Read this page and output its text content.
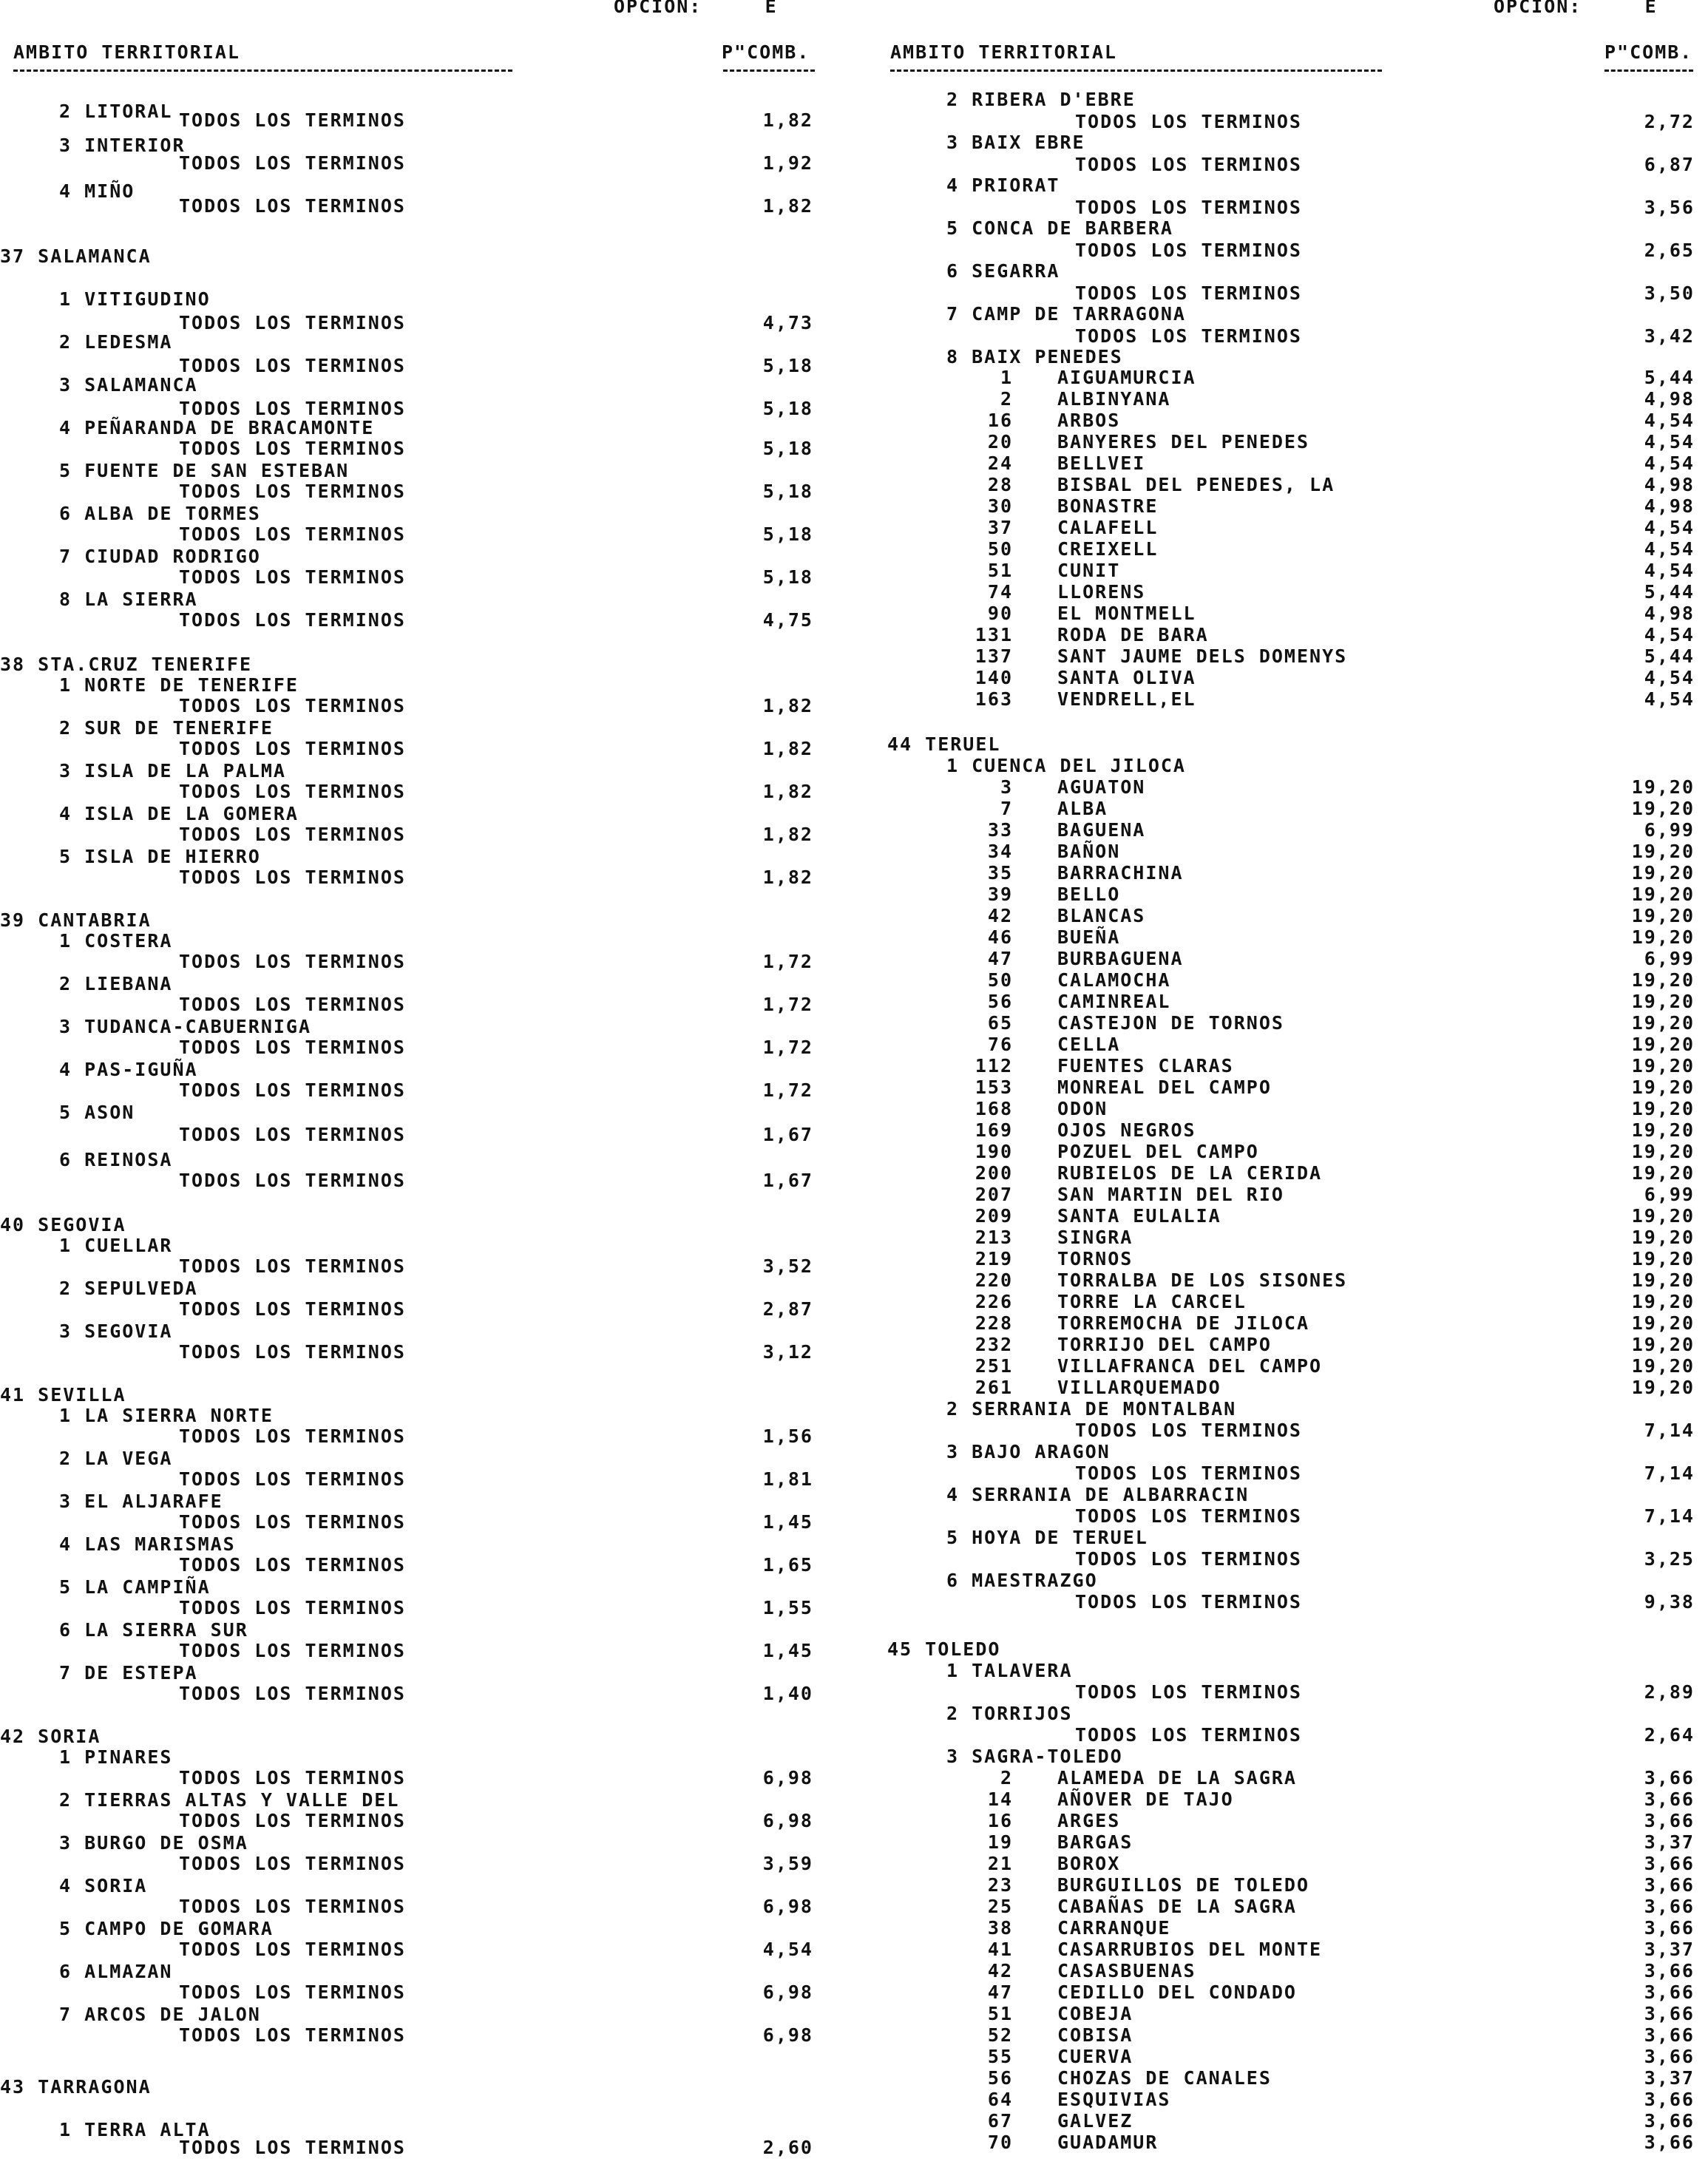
OPCION:	E
AMBITO TERRITORIAL	P"COMB.
2 LITORAL TODOS LOS TERMINOS	1,82
3 INTERIOR
TODOS LOS TERMINOS	1,92
4 MIÑO
TODOS LOS TERMINOS	1,82
37 SALAMANCA
1 VITIGUDINO
TODOS LOS TERMINOS	4,73
2 LEDESMA
TODOS LOS TERMINOS	5,18
3 SALAMANCA
TODOS LOS TERMINOS	5,18
4 PEÑARANDA DE BRACAMONTE
TODOS LOS TERMINOS	5,18
5 FUENTE DE SAN ESTEBAN
TODOS LOS TERMINOS	5,18
6 ALBA DE TORMES
TODOS LOS TERMINOS	5,18
7 CIUDAD RODRIGO
TODOS LOS TERMINOS	5,18
8 LA SIERRA
TODOS LOS TERMINOS	4,75
38 STA.CRUZ TENERIFE
1 NORTE DE TENERIFE
TODOS LOS TERMINOS	1,82
2 SUR DE TENERIFE
TODOS LOS TERMINOS	1,82
3 ISLA DE LA PALMA
TODOS LOS TERMINOS	1,82
4 ISLA DE LA GOMERA
TODOS LOS TERMINOS	1,82
5 ISLA DE HIERRO
TODOS LOS TERMINOS	1,82
39 CANTABRIA
1 COSTERA
TODOS LOS TERMINOS	1,72
2 LIEBANA
TODOS LOS TERMINOS	1,72
3 TUDANCA-CABUERNIGA
TODOS LOS TERMINOS	1,72
4 PAS-IGUÑA
TODOS LOS TERMINOS	1,72
5 ASON
TODOS LOS TERMINOS	1,67
6 REINOSA
TODOS LOS TERMINOS	1,67
40 SEGOVIA
1 CUELLAR
TODOS LOS TERMINOS	3,52
2 SEPULVEDA
TODOS LOS TERMINOS	2,87
3 SEGOVIA
TODOS LOS TERMINOS	3,12
41 SEVILLA
1 LA SIERRA NORTE
TODOS LOS TERMINOS	1,56
2 LA VEGA
TODOS LOS TERMINOS	1,81
3 EL ALJARAFE
TODOS LOS TERMINOS	1,45
4 LAS MARISMAS
TODOS LOS TERMINOS	1,65
5 LA CAMPIÑA
TODOS LOS TERMINOS	1,55
6 LA SIERRA SUR
TODOS LOS TERMINOS	1,45
7 DE ESTEPA
TODOS LOS TERMINOS	1,40
42 SORIA
1 PINARES
TODOS LOS TERMINOS	6,98
2 TIERRAS ALTAS Y VALLE DEL
TODOS LOS TERMINOS	6,98
3 BURGO DE OSMA
TODOS LOS TERMINOS	3,59
4 SORIA
TODOS LOS TERMINOS	6,98
5 CAMPO DE GOMARA
TODOS LOS TERMINOS	4,54
6 ALMAZAN
TODOS LOS TERMINOS	6,98
7 ARCOS DE JALON
TODOS LOS TERMINOS	6,98
43 TARRAGONA
1 TERRA ALTA
TODOS LOS TERMINOS	2,60
OPCION:	E
AMBITO TERRITORIAL	P"COMB.
2 RIBERA D'EBRE
TODOS LOS TERMINOS	2,72
3 BAIX EBRE
TODOS LOS TERMINOS	6,87
4 PRIORAT
TODOS LOS TERMINOS	3,56
5 CONCA DE BARBERA
TODOS LOS TERMINOS	2,65
6 SEGARRA
TODOS LOS TERMINOS	3,50
7 CAMP DE TARRAGONA
TODOS LOS TERMINOS	3,42
8 BAIX PENEDES
1 AIGUAMURCIA	5,44
2 ALBINYANA	4,98
16 ARBOS	4,54
20 BANYERES DEL PENEDES	4,54
24 BELLVEI	4,54
28 BISBAL DEL PENEDES, LA	4,98
30 BONASTRE	4,98
37 CALAFELL	4,54
50 CREIXELL	4,54
51 CUNIT	4,54
74 LLORENS	5,44
90 EL MONTMELL	4,98
131 RODA DE BARA	4,54
137 SANT JAUME DELS DOMENYS	5,44
140 SANTA OLIVA	4,54
163 VENDRELL,EL	4,54
44 TERUEL
1 CUENCA DEL JILOCA
3 AGUATON	19,20
7 ALBA	19,20
33 BAGUENA	6,99
34 BAÑON	19,20
35 BARRACHINA	19,20
39 BELLO	19,20
42 BLANCAS	19,20
46 BUEÑA	19,20
47 BURBAGUENA	6,99
50 CALAMOCHA	19,20
56 CAMINREAL	19,20
65 CASTEJON DE TORNOS	19,20
76 CELLA	19,20
112 FUENTES CLARAS	19,20
153 MONREAL DEL CAMPO	19,20
168 ODON	19,20
169 OJOS NEGROS	19,20
190 POZUEL DEL CAMPO	19,20
200 RUBIELOS DE LA CERIDA	19,20
207 SAN MARTIN DEL RIO	6,99
209 SANTA EULALIA	19,20
213 SINGRA	19,20
219 TORNOS	19,20
220 TORRALBA DE LOS SISONES	19,20
226 TORRE LA CARCEL	19,20
228 TORREMOCHA DE JILOCA	19,20
232 TORRIJO DEL CAMPO	19,20
251 VILLAFRANCA DEL CAMPO	19,20
261 VILLARQUEMADO	19,20
2 SERRANIA DE MONTALBAN
TODOS LOS TERMINOS	7,14
3 BAJO ARAGON
TODOS LOS TERMINOS	7,14
4 SERRANIA DE ALBARRACIN
TODOS LOS TERMINOS	7,14
5 HOYA DE TERUEL
TODOS LOS TERMINOS	3,25
6 MAESTRAZGO
TODOS LOS TERMINOS	9,38
45 TOLEDO
1 TALAVERA
TODOS LOS TERMINOS	2,89
2 TORRIJOS
TODOS LOS TERMINOS	2,64
3 SAGRA-TOLEDO
2 ALAMEDA DE LA SAGRA	3,66
14 AÑOVER DE TAJO	3,66
16 ARGES	3,66
19 BARGAS	3,37
21 BOROX	3,66
23 BURGUILLOS DE TOLEDO	3,66
25 CABAÑAS DE LA SAGRA	3,66
38 CARRANQUE	3,66
41 CASARRUBIOS DEL MONTE	3,37
42 CASASBUENAS	3,66
47 CEDILLO DEL CONDADO	3,66
51 COBEJA	3,66
52 COBISA	3,66
55 CUERVA	3,66
56 CHOZAS DE CANALES	3,37
64 ESQUIVIAS	3,66
67 GALVEZ	3,66
70 GUADAMUR	3,66
